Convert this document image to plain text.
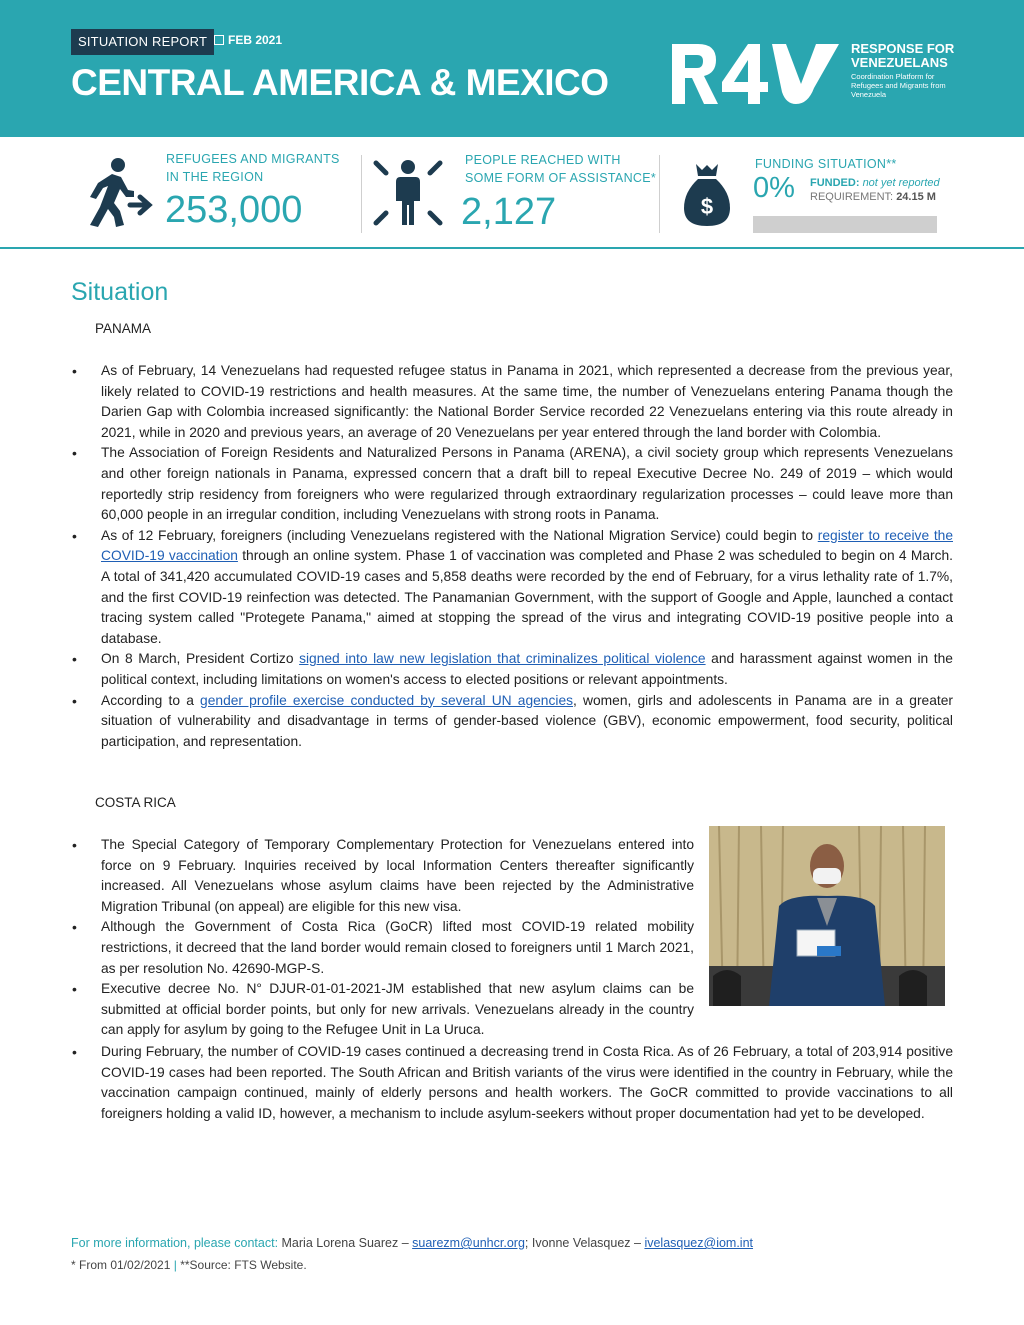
SITUATION REPORT	FEB 2021
CENTRAL AMERICA & MEXICO
RESPONSE FOR
VENEZUELANS
Coordination Platform for Refugees and Migrants from Venezuela
REFUGEES AND MIGRANTS IN THE REGION
253,000
PEOPLE REACHED WITH SOME FORM OF ASSISTANCE*
2,127	$
FUNDING SITUATION**
0% FUNDED: not yet reported
REQUIREMENT: 24.15 M
Situation
PANAMA
• As of February, 14 Venezuelans had requested refugee status in Panama in 2021, which represented a decrease from the previous year, likely related to COVID-19 restrictions and health measures. At the same time, the number of Venezuelans entering Panama though the Darien Gap with Colombia increased significantly: the National Border Service recorded 22 Venezuelans entering via this route already in 2021, while in 2020 and previous years, an average of 20 Venezuelans per year entered through the land border with Colombia.
• The Association of Foreign Residents and Naturalized Persons in Panama (ARENA), a civil society group which represents Venezuelans and other foreign nationals in Panama, expressed concern that a draft bill to repeal Executive Decree No. 249 of 2019 – which would reportedly strip residency from foreigners who were regularized through extraordinary regularization processes – could leave more than 60,000 people in an irregular condition, including Venezuelans with strong roots in Panama.
• As of 12 February, foreigners (including Venezuelans registered with the National Migration Service) could begin to register to receive the COVID-19 vaccination through an online system. Phase 1 of vaccination was completed and Phase 2 was scheduled to begin on 4 March. A total of 341,420 accumulated COVID-19 cases and 5,858 deaths were recorded by the end of February, for a virus lethality rate of 1.7%, and the first COVID-19 reinfection was detected. The Panamanian Government, with the support of Google and Apple, launched a contact tracing system called "Protegete Panama," aimed at stopping the spread of the virus and integrating COVID-19 positive people into a database.
• On 8 March, President Cortizo signed into law new legislation that criminalizes political violence and harassment against women in the political context, including limitations on women's access to elected positions or relevant appointments.
• According to a gender profile exercise conducted by several UN agencies, women, girls and adolescents in Panama are in a greater situation of vulnerability and disadvantage in terms of gender-based violence (GBV), economic empowerment, food security, political participation, and representation.
COSTA RICA
• The Special Category of Temporary Complementary Protection for Venezuelans entered into force on 9 February. Inquiries received by local Information Centers thereafter significantly increased. All Venezuelans whose asylum claims have been rejected by the Administrative Migration Tribunal (on appeal) are eligible for this new visa.
• Although the Government of Costa Rica (GoCR) lifted most COVID-19 related mobility restrictions, it decreed that the land border would remain closed to foreigners until 1 March 2021, as per resolution No. 42690-MGP-S.
• Executive decree No. N° DJUR-01-01-2021-JM established that new asylum claims can be submitted at official border points, but only for new arrivals. Venezuelans already in the country can apply for asylum by going to the Refugee Unit in La Uruca.
• During February, the number of COVID-19 cases continued a decreasing trend in Costa Rica. As of 26 February, a total of 203,914 positive COVID-19 cases had been reported. The South African and British variants of the virus were identified in the country in February, while the vaccination campaign continued, mainly of elderly persons and health workers. The GoCR committed to provide vaccinations to all foreigners holding a valid ID, however, a mechanism to include asylum-seekers without proper documentation had yet to be developed.
For more information, please contact: Maria Lorena Suarez – suarezm@unhcr.org; Ivonne Velasquez – ivelasquez@iom.int
* From 01/02/2021 | **Source: FTS Website.
